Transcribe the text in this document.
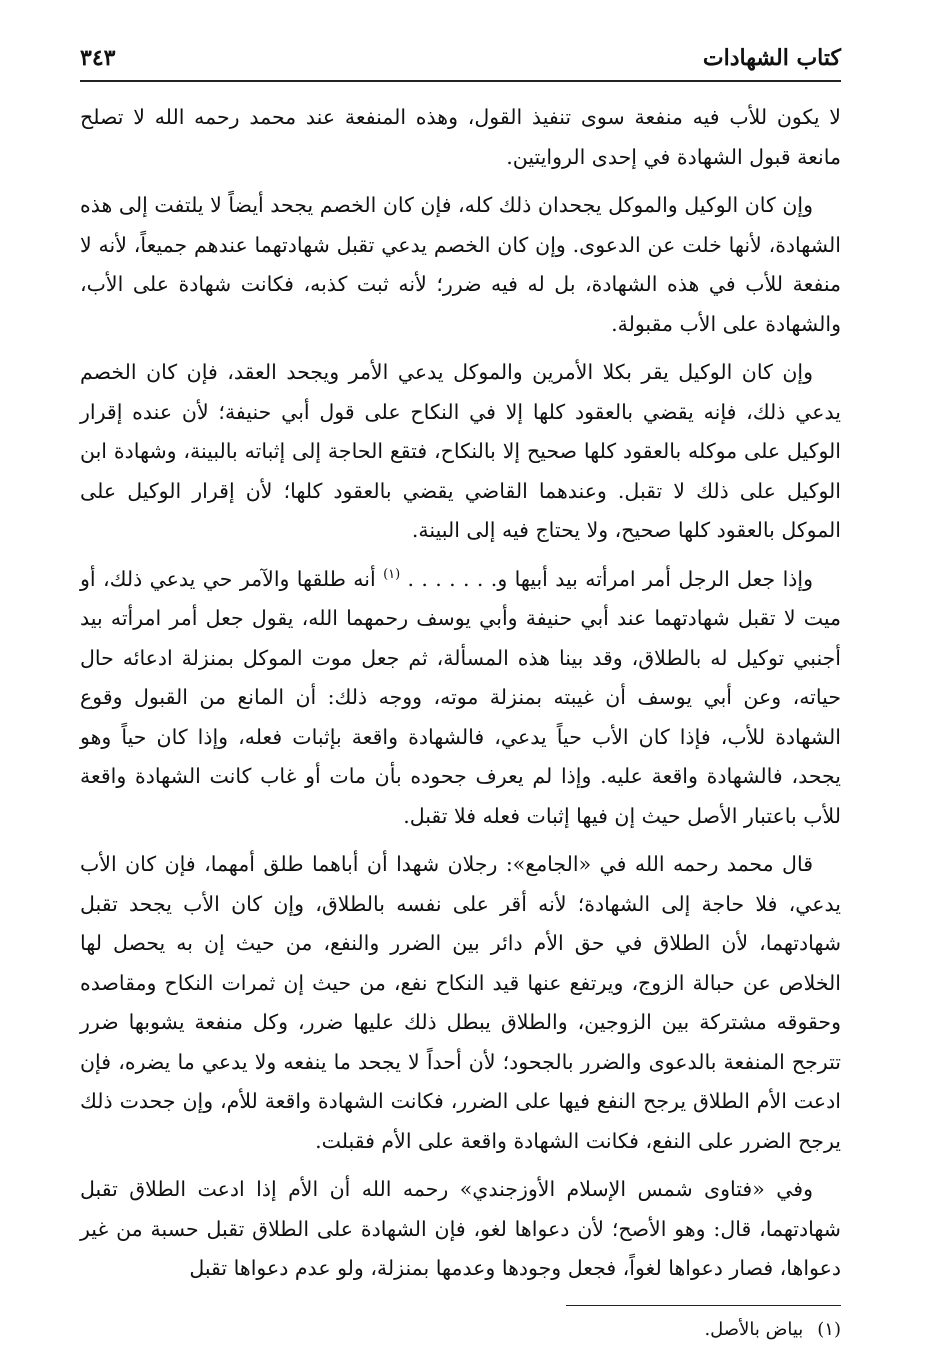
كتاب الشهادات
٣٤٣

لا يكون للأب فيه منفعة سوى تنفيذ القول، وهذه المنفعة عند محمد رحمه الله لا تصلح مانعة قبول الشهادة في إحدى الروايتين.

وإن كان الوكيل والموكل يجحدان ذلك كله، فإن كان الخصم يجحد أيضاً لا يلتفت إلى هذه الشهادة، لأنها خلت عن الدعوى. وإن كان الخصم يدعي تقبل شهادتهما عندهم جميعاً، لأنه لا منفعة للأب في هذه الشهادة، بل له فيه ضرر؛ لأنه ثبت كذبه، فكانت شهادة على الأب، والشهادة على الأب مقبولة.

وإن كان الوكيل يقر بكلا الأمرين والموكل يدعي الأمر ويجحد العقد، فإن كان الخصم يدعي ذلك، فإنه يقضي بالعقود كلها إلا في النكاح على قول أبي حنيفة؛ لأن عنده إقرار الوكيل على موكله بالعقود كلها صحيح إلا بالنكاح، فتقع الحاجة إلى إثباته بالبينة، وشهادة ابن الوكيل على ذلك لا تقبل. وعندهما القاضي يقضي بالعقود كلها؛ لأن إقرار الوكيل على الموكل بالعقود كلها صحيح، ولا يحتاج فيه إلى البينة.

وإذا جعل الرجل أمر امرأته بيد أبيها و. . . . . . . $^{(١)}$ أنه طلقها والآمر حي يدعي ذلك، أو ميت لا تقبل شهادتهما عند أبي حنيفة وأبي يوسف رحمهما الله، يقول جعل أمر امرأته بيد أجنبي توكيل له بالطلاق، وقد بينا هذه المسألة، ثم جعل موت الموكل بمنزلة ادعائه حال حياته، وعن أبي يوسف أن غيبته بمنزلة موته، ووجه ذلك: أن المانع من القبول وقوع الشهادة للأب، فإذا كان الأب حياً يدعي، فالشهادة واقعة بإثبات فعله، وإذا كان حياً وهو يجحد، فالشهادة واقعة عليه. وإذا لم يعرف جحوده بأن مات أو غاب كانت الشهادة واقعة للأب باعتبار الأصل حيث إن فيها إثبات فعله فلا تقبل.

قال محمد رحمه الله في «الجامع»: رجلان شهدا أن أباهما طلق أمهما، فإن كان الأب يدعي، فلا حاجة إلى الشهادة؛ لأنه أقر على نفسه بالطلاق، وإن كان الأب يجحد تقبل شهادتهما، لأن الطلاق في حق الأم دائر بين الضرر والنفع، من حيث إن به يحصل لها الخلاص عن حبالة الزوج، ويرتفع عنها قيد النكاح نفع، من حيث إن ثمرات النكاح ومقاصده وحقوقه مشتركة بين الزوجين، والطلاق يبطل ذلك عليها ضرر، وكل منفعة يشوبها ضرر تترجح المنفعة بالدعوى والضرر بالجحود؛ لأن أحداً لا يجحد ما ينفعه ولا يدعي ما يضره، فإن ادعت الأم الطلاق يرجح النفع فيها على الضرر، فكانت الشهادة واقعة للأم، وإن جحدت ذلك يرجح الضرر على النفع، فكانت الشهادة واقعة على الأم فقبلت.

وفي «فتاوى شمس الإسلام الأوزجندي» رحمه الله أن الأم إذا ادعت الطلاق تقبل شهادتهما، قال: وهو الأصح؛ لأن دعواها لغو، فإن الشهادة على الطلاق تقبل حسبة من غير دعواها، فصار دعواها لغواً، فجعل وجودها وعدمها بمنزلة، ولو عدم دعواها تقبل

(١)
بياض بالأصل.
